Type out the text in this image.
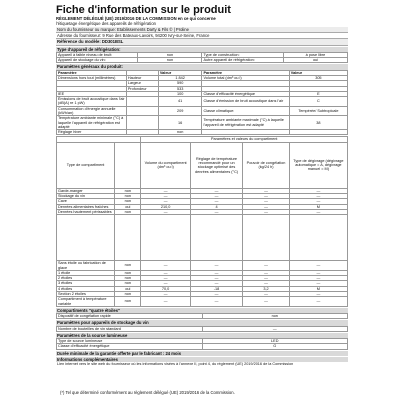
Fiche d'information sur le produit
RÈGLEMENT DÉLÉGUÉ (UE) 2019/2016 DE LA COMMISSION en ce qui concerne
l'étiquetage énergétique des appareils de réfrigération
Nom du fournisseur ou marque: Etablissements Darty & Fils © | Proline
Adresse du fournisseur: 9 Rue des Bateaux-Lavoirs, 94200 Ivry-sur-Seine, France
Référence du modèle: DD301BSL
Type d'appareil de réfrigération:
Appareil à faible niveau de bruit:	non	Type de construction:	à pose libre
Appareil de stockage du vin:	non	Autre appareil de réfrigération:	oui
Paramètres généraux du produit:
Paramètre		Valeur	Paramètre	Valeur
Dimensions hors tout (millimètres)	Hauteur	1 842	Volume total (dm³ ou l)	305
	Largeur	590		
	Profondeur	533		
IEE		100	Classe d'efficacité énergétique	E
Émissions de bruit acoustique dans l'air (dB(A) re 1 pW)		41	Classe d'émission de bruit acoustique dans l'air	C
Consommation d'énergie annuelle (kWh/an)		209	Classe climatique:	Tempérée/ Subtropicale
Température ambiante minimale (°C) à laquelle l'appareil de réfrigération est adapté		16	Température ambiante maximale (°C) à laquelle l'appareil de réfrigération est adapté	38
Réglage hiver		non		
		Paramètres et valeurs du compartiment			
Type de compartiment		Volume du compartiment (dm³ ou l)	Réglage de température recommandé pour un stockage optimisé des denrées alimentaires (°C)	Pouvoir de congélation (kg/24 h)	Type de dégivrage (dégivrage automatique = A, dégivrage manuel = M)
Garde-manger	non	—	—	—	—
Stockage du vin	non	—	—	—	—
Cave	non	—	—	—	—
Denrées alimentaires fraîches	oui	210,0	4	—	M
Denrées hautement périssables	non	—	—	—	—

Sans étoile ou fabrication de glace	non	—	—	—	—
1 étoile	non	—	—	—	—
2 étoiles	non	—	—	—	—
3 étoiles	non	—	—	—	—
4 étoiles	oui	70,0	-18	3,2	M
Section 2 étoiles	non	—	—	—	—
Compartiment à température variable	non	—	—	—	—
Compartiments "quatre étoiles"
Dispositif de congélation rapide	non
Paramètres pour appareils de stockage du vin
Nombre de bouteilles de vin standard	—
Paramètres de la source lumineuse
Type de source lumineuse	LED
Classe d'efficacité énergétique	G
Durée minimale de la garantie offerte par le fabricant : 24 mois
Informations complémentaires
Lien internet vers le site web du fournisseur où les informations visées à l'annexe II, point 4, du règlement (UE) 2019/2016 de la Commission
(*) Tel que déterminé conformément au règlement délégué (UE) 2019/2016 de la Commission.
